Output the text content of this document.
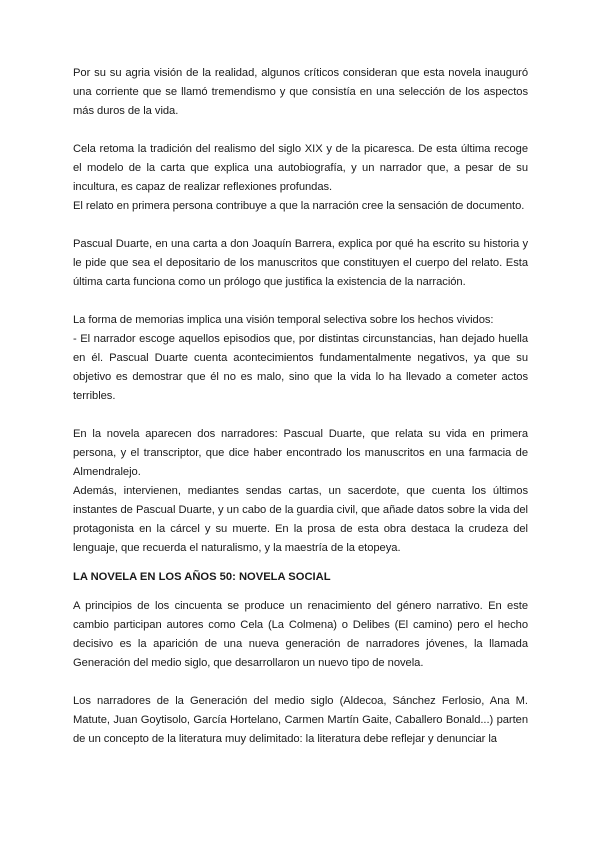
Por su su agria visión de la realidad, algunos críticos consideran que esta novela inauguró una corriente que se llamó tremendismo y que consistía en una selección de los aspectos más duros de la vida.

Cela retoma la tradición del realismo del siglo XIX y de la picaresca. De esta última recoge el modelo de la carta que explica una autobiografía, y un narrador que, a pesar de su incultura, es capaz de realizar reflexiones profundas.

El relato en primera persona contribuye a que la narración cree la sensación de documento.

Pascual Duarte, en una carta a don Joaquín Barrera, explica por qué ha escrito su historia y le pide que sea el depositario de los manuscritos que constituyen el cuerpo del relato. Esta última carta funciona como un prólogo que justifica la existencia de la narración.

La forma de memorias implica una visión temporal selectiva sobre los hechos vividos:

- El narrador escoge aquellos episodios que, por distintas circunstancias, han dejado huella en él. Pascual Duarte cuenta acontecimientos fundamentalmente negativos, ya que su objetivo es demostrar que él no es malo, sino que la vida lo ha llevado a cometer actos terribles.

En la novela aparecen dos narradores: Pascual Duarte, que relata su vida en primera persona, y el transcriptor, que dice haber encontrado los manuscritos en una farmacia de Almendralejo.

Además, intervienen, mediantes sendas cartas, un sacerdote, que cuenta los últimos instantes de Pascual Duarte, y un cabo de la guardia civil, que añade datos sobre la vida del protagonista en la cárcel y su muerte. En la prosa de esta obra destaca la crudeza del lenguaje, que recuerda el naturalismo, y la maestría de la etopeya.

LA NOVELA EN LOS AÑOS 50: NOVELA SOCIAL

A principios de los cincuenta se produce un renacimiento del género narrativo. En este cambio participan autores como Cela (La Colmena) o Delibes (El camino) pero el hecho decisivo es la aparición de una nueva generación de narradores jóvenes, la llamada Generación del medio siglo, que desarrollaron un nuevo tipo de novela.

Los narradores de la Generación del medio siglo (Aldecoa, Sánchez Ferlosio, Ana M. Matute, Juan Goytisolo, García Hortelano, Carmen Martín Gaite, Caballero Bonald...) parten de un concepto de la literatura muy delimitado: la literatura debe reflejar y denunciar la
